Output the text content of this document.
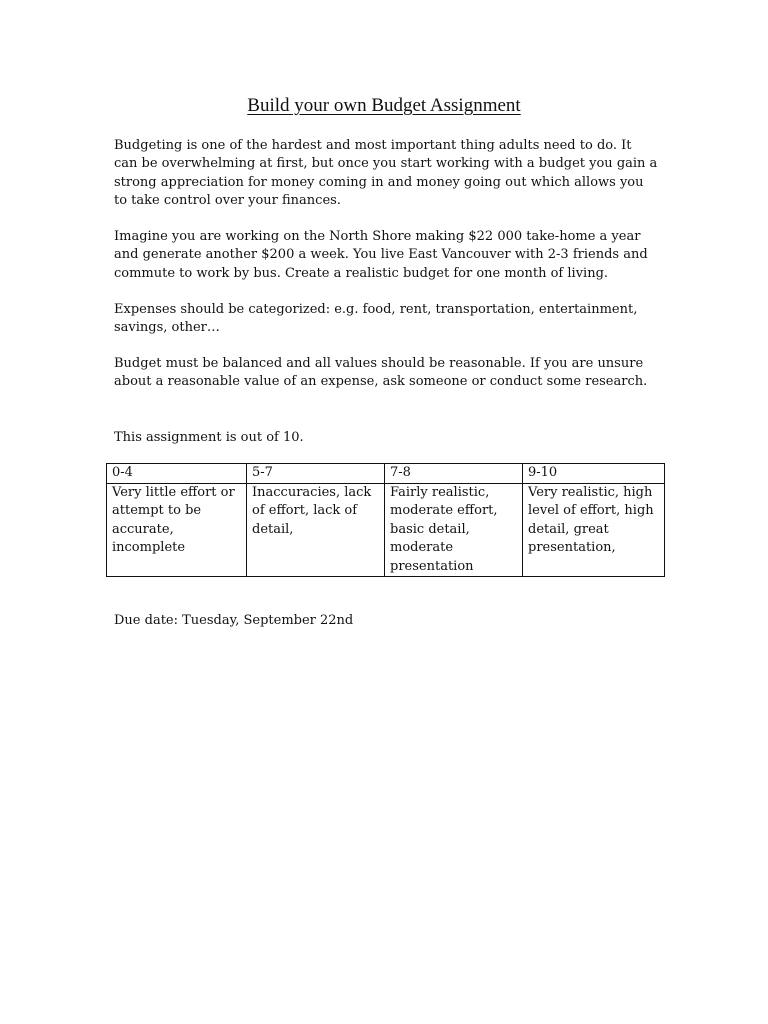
Build your own Budget Assignment

Budgeting is one of the hardest and most important thing adults need to do. It can be overwhelming at first, but once you start working with a budget you gain a strong appreciation for money coming in and money going out which allows you to take control over your finances.

Imagine you are working on the North Shore making $22 000 take-home a year and generate another $200 a week. You live East Vancouver with 2-3 friends and commute to work by bus. Create a realistic budget for one month of living.

Expenses should be categorized: e.g. food, rent, transportation, entertainment, savings, other…

Budget must be balanced and all values should be reasonable. If you are unsure about a reasonable value of an expense, ask someone or conduct some research.

This assignment is out of 10.

0-4	5-7	7-8	9-10
Very little effort or attempt to be accurate, incomplete	Inaccuracies, lack of effort, lack of detail,	Fairly realistic, moderate effort, basic detail, moderate presentation	Very realistic, high level of effort, high detail, great presentation,

Due date: Tuesday, September 22nd
